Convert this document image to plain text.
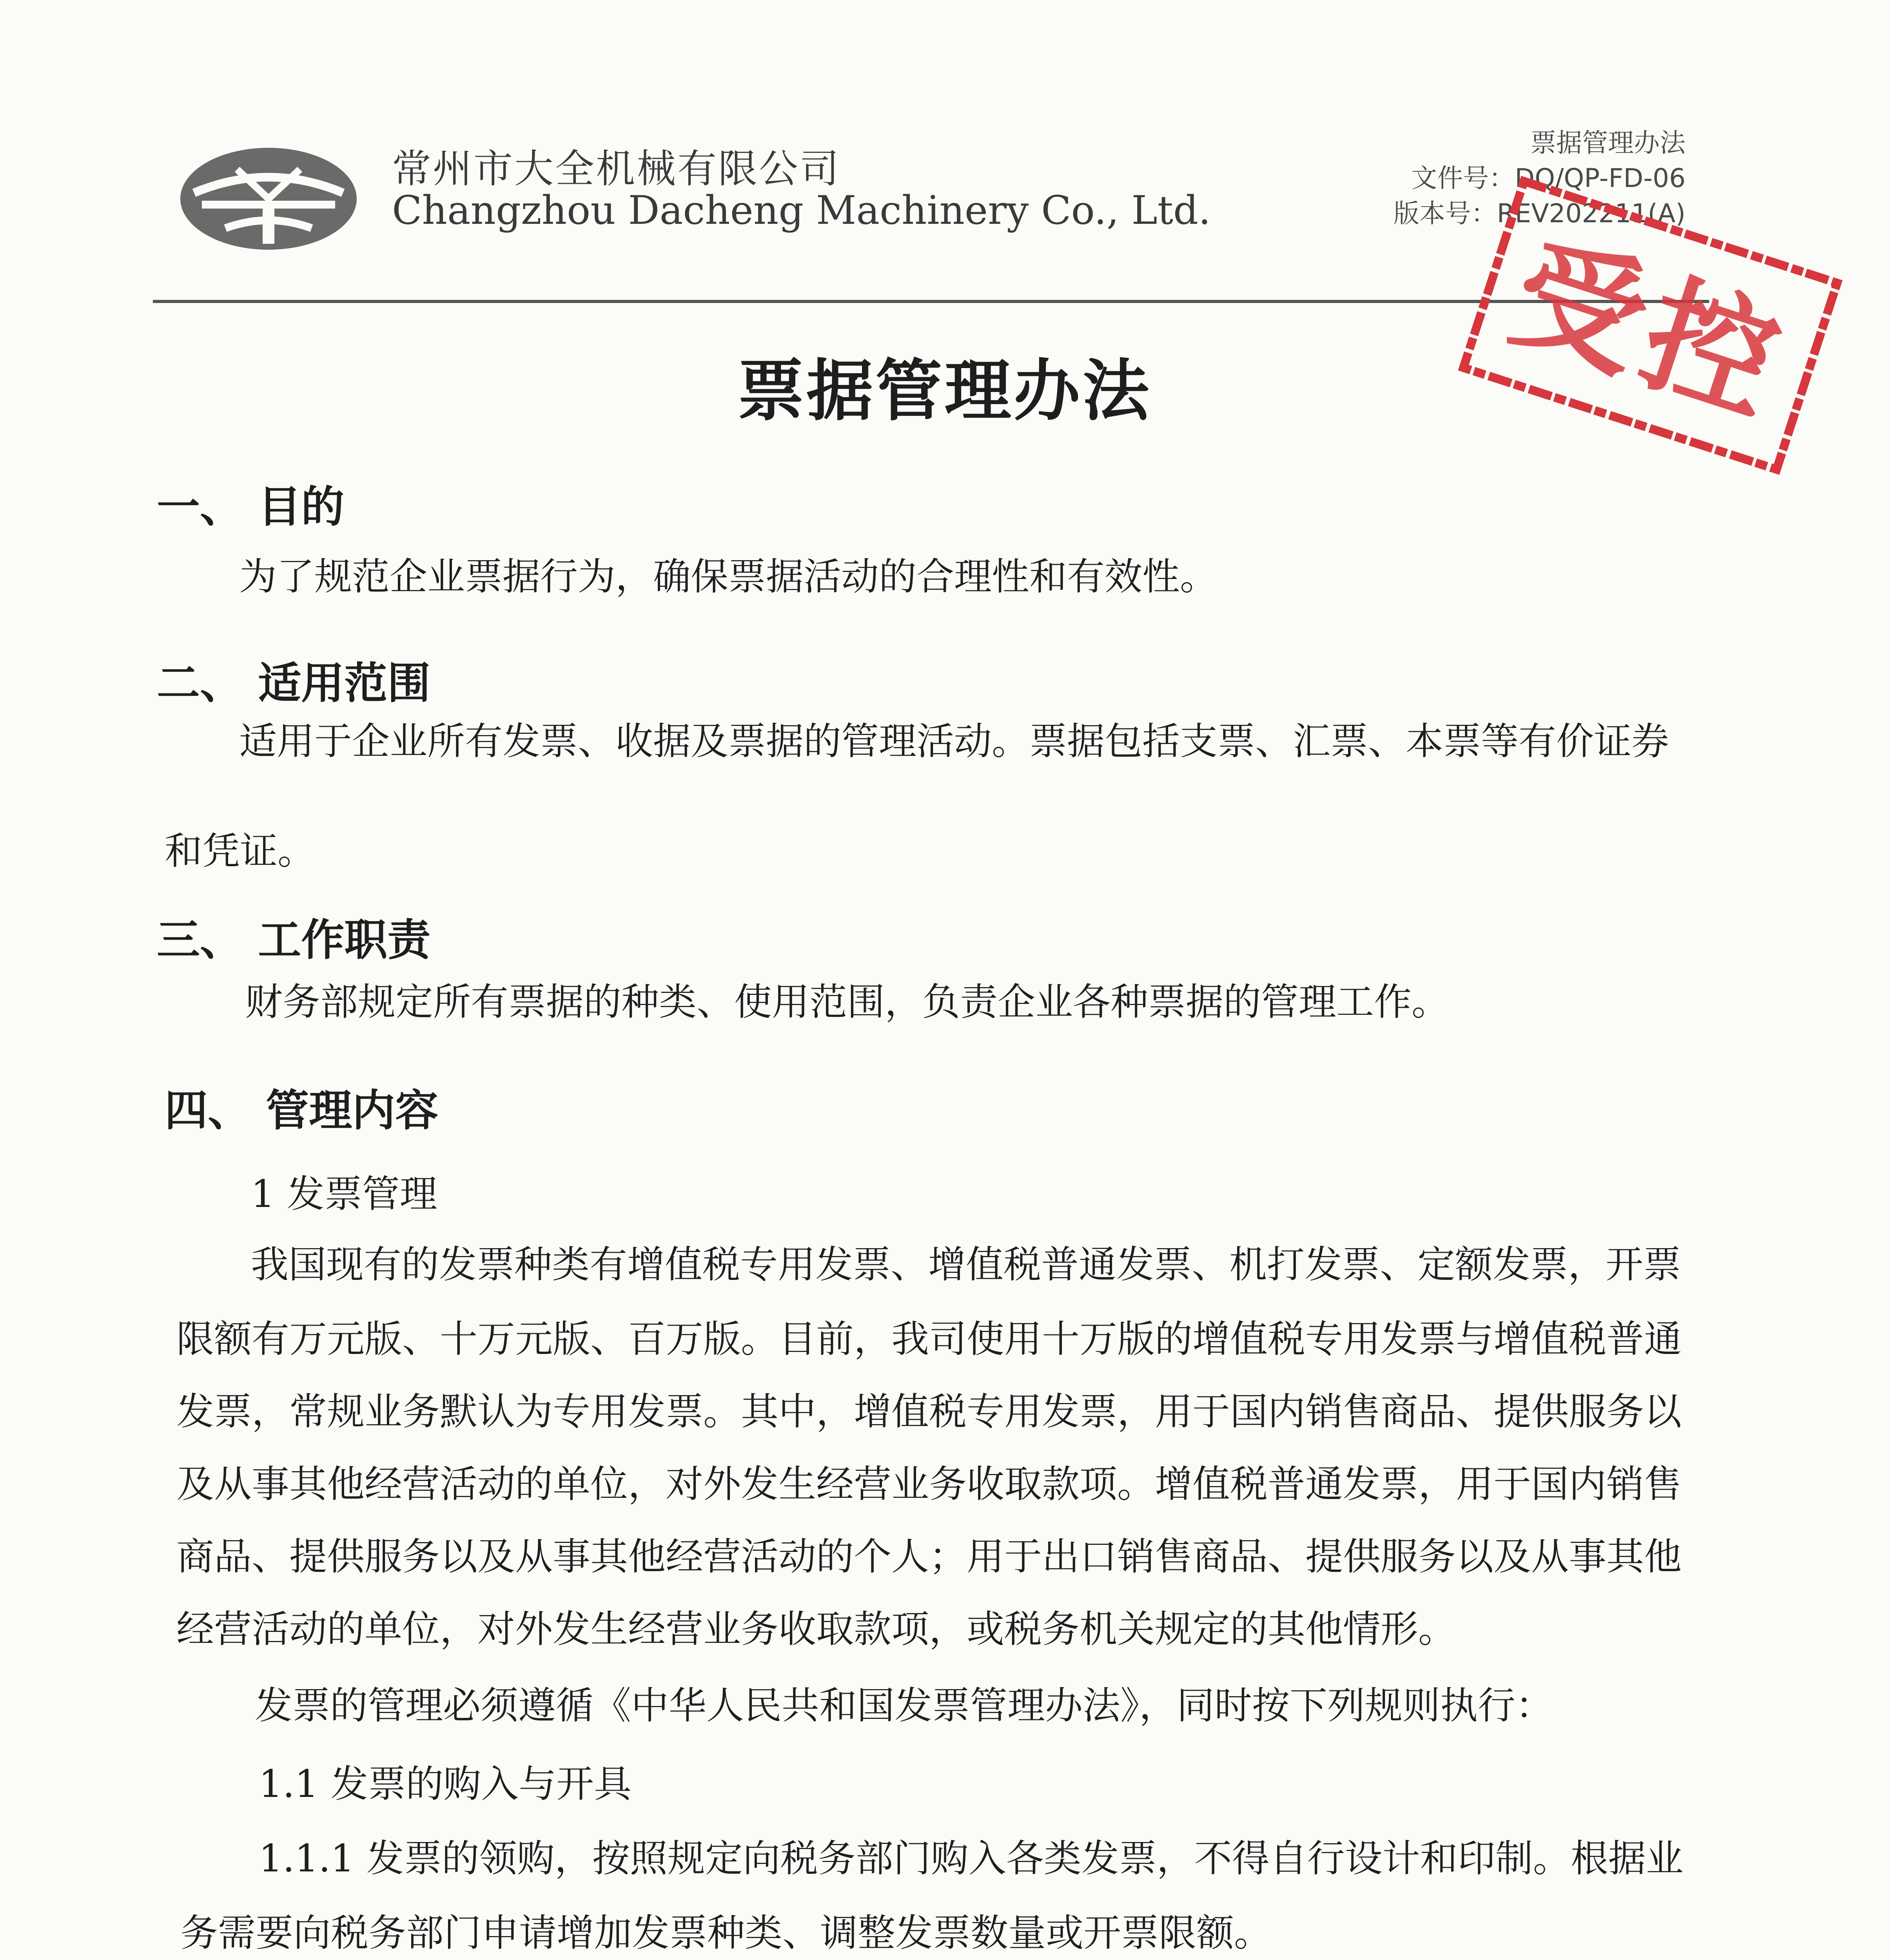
常州市大全机械有限公司
Changzhou Dacheng Machinery Co., Ltd.
票据管理办法
文件号：DQ/QP-FD-06
版本号：REV202211(A)
受控
票据管理办法
一、 目的
为了规范企业票据行为，确保票据活动的合理性和有效性。
二、 适用范围
适用于企业所有发票、收据及票据的管理活动。票据包括支票、汇票、本票等有价证券
和凭证。
三、 工作职责
财务部规定所有票据的种类、使用范围，负责企业各种票据的管理工作。
四、 管理内容
1 发票管理
我国现有的发票种类有增值税专用发票、增值税普通发票、机打发票、定额发票，开票
限额有万元版、十万元版、百万版。目前，我司使用十万版的增值税专用发票与增值税普通
发票，常规业务默认为专用发票。其中，增值税专用发票，用于国内销售商品、提供服务以
及从事其他经营活动的单位，对外发生经营业务收取款项。增值税普通发票，用于国内销售
商品、提供服务以及从事其他经营活动的个人；用于出口销售商品、提供服务以及从事其他
经营活动的单位，对外发生经营业务收取款项，或税务机关规定的其他情形。
发票的管理必须遵循《中华人民共和国发票管理办法》，同时按下列规则执行：
1.1 发票的购入与开具
1.1.1 发票的领购，按照规定向税务部门购入各类发票，不得自行设计和印制。根据业
务需要向税务部门申请增加发票种类、调整发票数量或开票限额。
